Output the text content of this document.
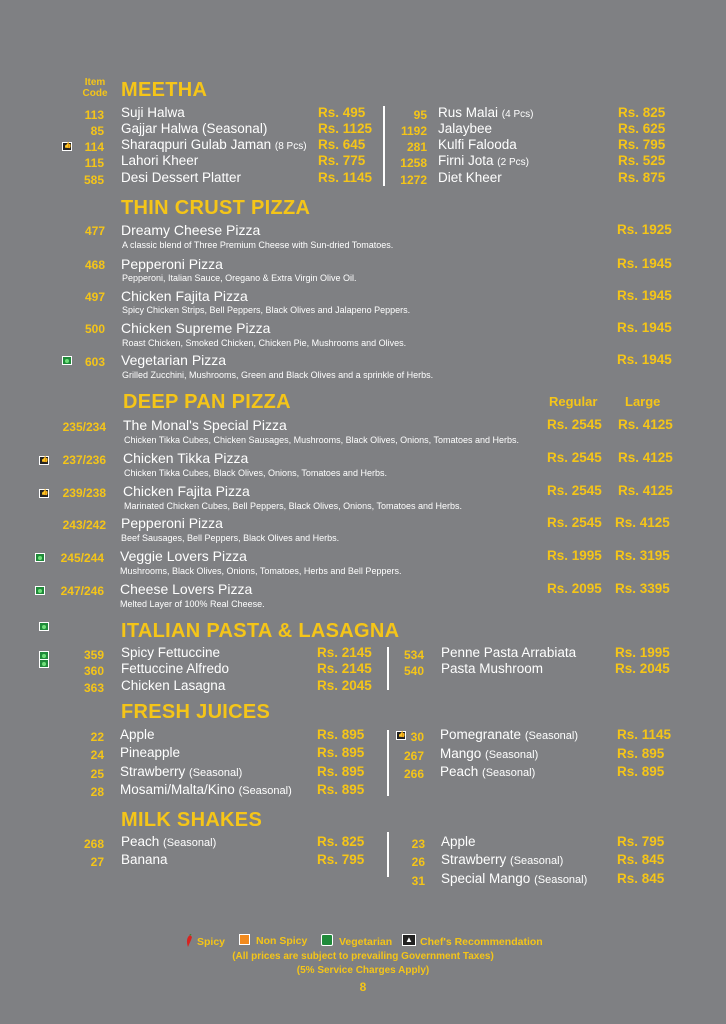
Item
Code MEETHA
113 Suji Halwa	Rs. 495
85 Gajjar Halwa (Seasonal)	Rs. 1125
👍
114 Sharaqpuri Gulab Jaman (8 Pcs) Rs. 645
115 Lahori Kheer	Rs. 775
585 Desi Dessert Platter	Rs. 1145
95 Rus Malai (4 Pcs)	Rs. 825
1192 Jalaybee	Rs. 625
281 Kulfi Falooda	Rs. 795
1258 Firni Jota (2 Pcs)	Rs. 525
1272 Diet Kheer	Rs. 875
THIN CRUST PIZZA
477 Dreamy Cheese Pizza
A classic blend of Three Premium Cheese with Sun-dried Tomatoes.
Rs. 1925
468 Pepperoni Pizza
Pepperoni, Italian Sauce, Oregano & Extra Virgin Olive Oil.
Rs. 1945
497 Chicken Fajita Pizza
Spicy Chicken Strips, Bell Peppers, Black Olives and Jalapeno Peppers.
Rs. 1945
500 Chicken Supreme Pizza
Roast Chicken, Smoked Chicken, Chicken Pie, Mushrooms and Olives.
Rs. 1945
603 Vegetarian Pizza
Grilled Zucchini, Mushrooms, Green and Black Olives and a sprinkle of Herbs.
Rs. 1945
DEEP PAN PIZZA	Regular Large
235/234 The Monal's Special Pizza
Chicken Tikka Cubes, Chicken Sausages, Mushrooms, Black Olives, Onions, Tomatoes and Herbs.
Rs. 2545 Rs. 4125
👍
237/236 Chicken Tikka Pizza
Chicken Tikka Cubes, Black Olives, Onions, Tomatoes and Herbs.
Rs. 2545 Rs. 4125
👍
239/238 Chicken Fajita Pizza
Marinated Chicken Cubes, Bell Peppers, Black Olives, Onions, Tomatoes and Herbs.
Rs. 2545 Rs. 4125
243/242 Pepperoni Pizza
Beef Sausages, Bell Peppers, Black Olives and Herbs.
Rs. 2545 Rs. 4125
245/244 Veggie Lovers Pizza
Mushrooms, Black Olives, Onions, Tomatoes, Herbs and Bell Peppers.
Rs. 1995 Rs. 3195
247/246 Cheese Lovers Pizza
Melted Layer of 100% Real Cheese.
Rs. 2095 Rs. 3395
ITALIAN PASTA & LASAGNA
359 Spicy Fettuccine	Rs. 2145
360 Fettuccine Alfredo	Rs. 2145
363 Chicken Lasagna	Rs. 2045
534 Penne Pasta Arrabiata	Rs. 1995
540 Pasta Mushroom	Rs. 2045
FRESH JUICES
22 Apple	Rs. 895
24 Pineapple	Rs. 895
25 Strawberry (Seasonal)	Rs. 895
28 Mosami/Malta/Kino (Seasonal) Rs. 895
👍
30 Pomegranate (Seasonal)	Rs. 1145
267 Mango (Seasonal)	Rs. 895
266 Peach (Seasonal)	Rs. 895
MILK SHAKES
268 Peach (Seasonal)	Rs. 825
27 Banana	Rs. 795
23 Apple	Rs. 795
26 Strawberry (Seasonal)	Rs. 845
31 Special Mango (Seasonal) Rs. 845
Spicy	Non Spicy	Vegetarian	▲ Chef's Recommendation
(All prices are subject to prevailing Government Taxes)
(5% Service Charges Apply)
8
